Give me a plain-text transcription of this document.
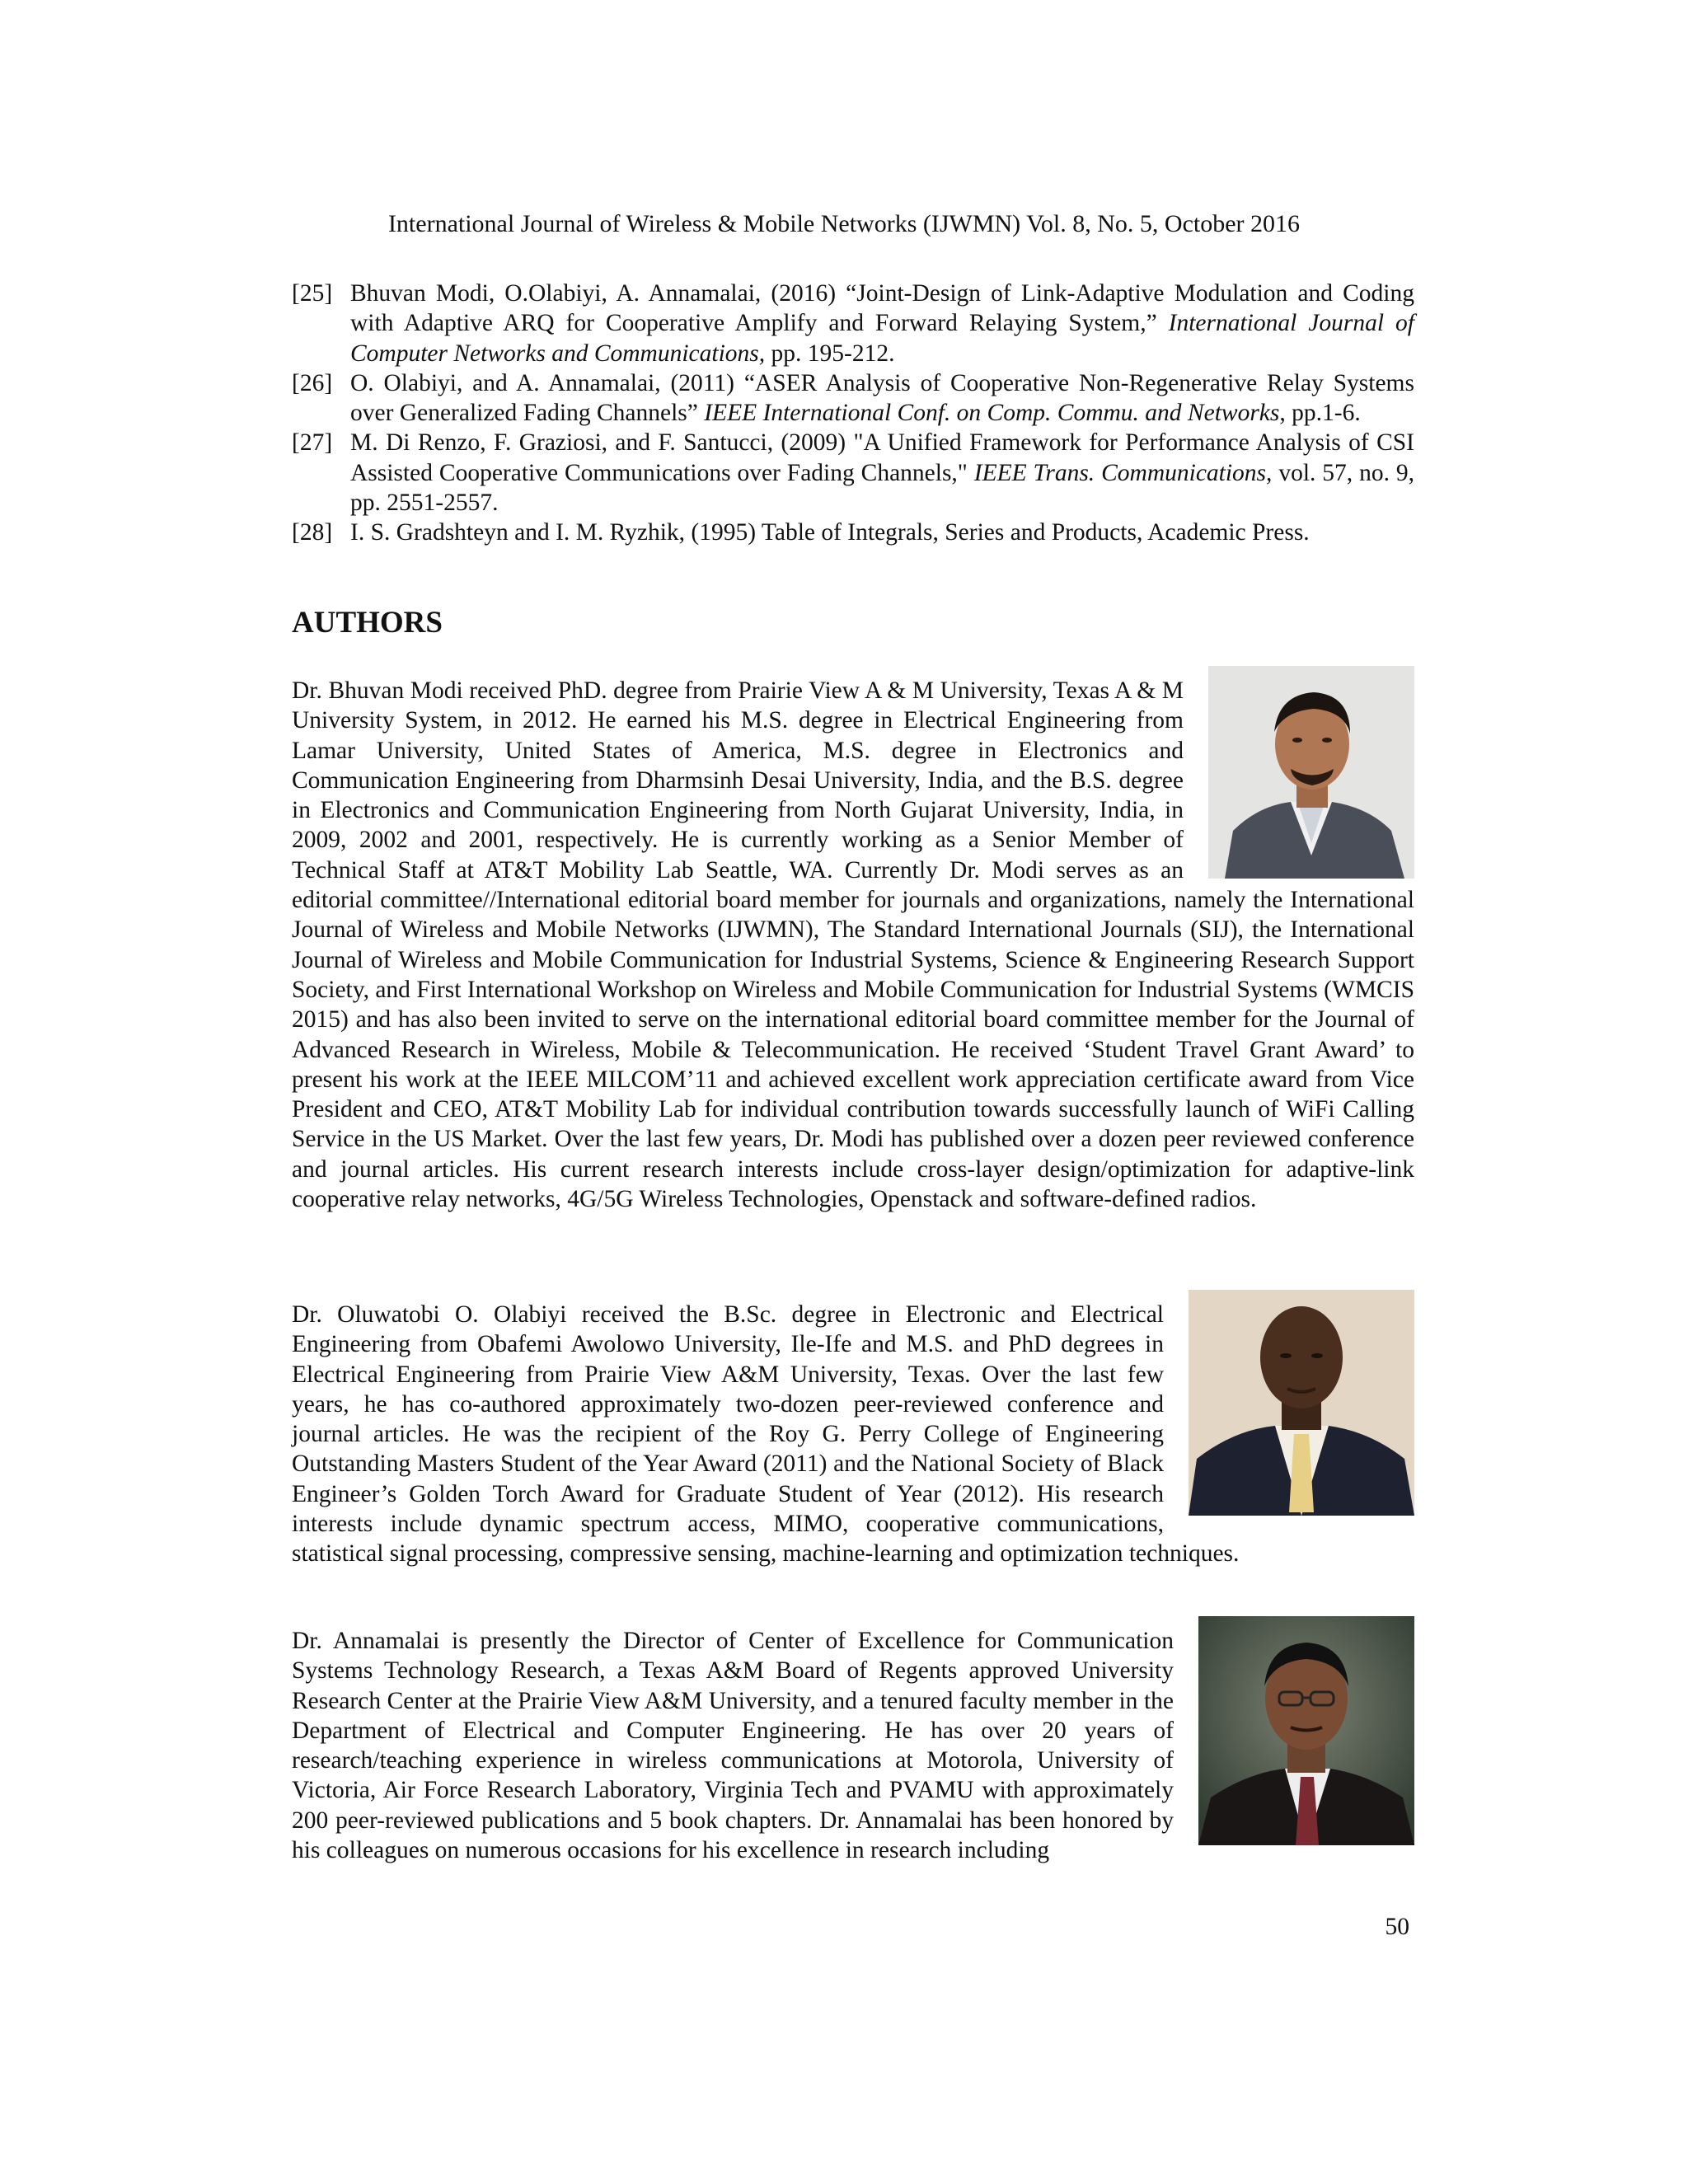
International Journal of Wireless & Mobile Networks (IJWMN) Vol. 8, No. 5, October 2016
[25] Bhuvan Modi, O.Olabiyi, A. Annamalai, (2016) “Joint-Design of Link-Adaptive Modulation and Coding with Adaptive ARQ for Cooperative Amplify and Forward Relaying System,” International Journal of Computer Networks and Communications, pp. 195-212.
[26] O. Olabiyi, and A. Annamalai, (2011) “ASER Analysis of Cooperative Non-Regenerative Relay Systems over Generalized Fading Channels” IEEE International Conf. on Comp. Commu. and Networks, pp.1-6.
[27] M. Di Renzo, F. Graziosi, and F. Santucci, (2009) "A Unified Framework for Performance Analysis of CSI Assisted Cooperative Communications over Fading Channels," IEEE Trans. Communications, vol. 57, no. 9, pp. 2551-2557.
[28] I. S. Gradshteyn and I. M. Ryzhik, (1995) Table of Integrals, Series and Products, Academic Press.
AUTHORS

Dr. Bhuvan Modi received PhD. degree from Prairie View A & M University, Texas A & M University System, in 2012. He earned his M.S. degree in Electrical Engineering from Lamar University, United States of America, M.S. degree in Electronics and Communication Engineering from Dharmsinh Desai University, India, and the B.S. degree in Electronics and Communication Engineering from North Gujarat University, India, in 2009, 2002 and 2001, respectively. He is currently working as a Senior Member of Technical Staff at AT&T Mobility Lab Seattle, WA. Currently Dr. Modi serves as an editorial committee//International editorial board member for journals and organizations, namely the International Journal of Wireless and Mobile Networks (IJWMN), The Standard International Journals (SIJ), the International Journal of Wireless and Mobile Communication for Industrial Systems, Science & Engineering Research Support Society, and First International Workshop on Wireless and Mobile Communication for Industrial Systems (WMCIS 2015) and has also been invited to serve on the international editorial board committee member for the Journal of Advanced Research in Wireless, Mobile & Telecommunication. He received ‘Student Travel Grant Award’ to present his work at the IEEE MILCOM’11 and achieved excellent work appreciation certificate award from Vice President and CEO, AT&T Mobility Lab for individual contribution towards successfully launch of WiFi Calling Service in the US Market. Over the last few years, Dr. Modi has published over a dozen peer reviewed conference and journal articles. His current research interests include cross-layer design/optimization for adaptive-link cooperative relay networks, 4G/5G Wireless Technologies, Openstack and software-defined radios.

Dr. Oluwatobi O. Olabiyi received the B.Sc. degree in Electronic and Electrical Engineering from Obafemi Awolowo University, Ile-Ife and M.S. and PhD degrees in Electrical Engineering from Prairie View A&M University, Texas. Over the last few years, he has co-authored approximately two-dozen peer-reviewed conference and journal articles. He was the recipient of the Roy G. Perry College of Engineering Outstanding Masters Student of the Year Award (2011) and the National Society of Black Engineer’s Golden Torch Award for Graduate Student of Year (2012). His research interests include dynamic spectrum access, MIMO, cooperative communications, statistical signal processing, compressive sensing, machine-learning and optimization techniques.

Dr. Annamalai is presently the Director of Center of Excellence for Communication Systems Technology Research, a Texas A&M Board of Regents approved University Research Center at the Prairie View A&M University, and a tenured faculty member in the Department of Electrical and Computer Engineering. He has over 20 years of research/teaching experience in wireless communications at Motorola, University of Victoria, Air Force Research Laboratory, Virginia Tech and PVAMU with approximately 200 peer-reviewed publications and 5 book chapters. Dr. Annamalai has been honored by his colleagues on numerous occasions for his excellence in research including

50
